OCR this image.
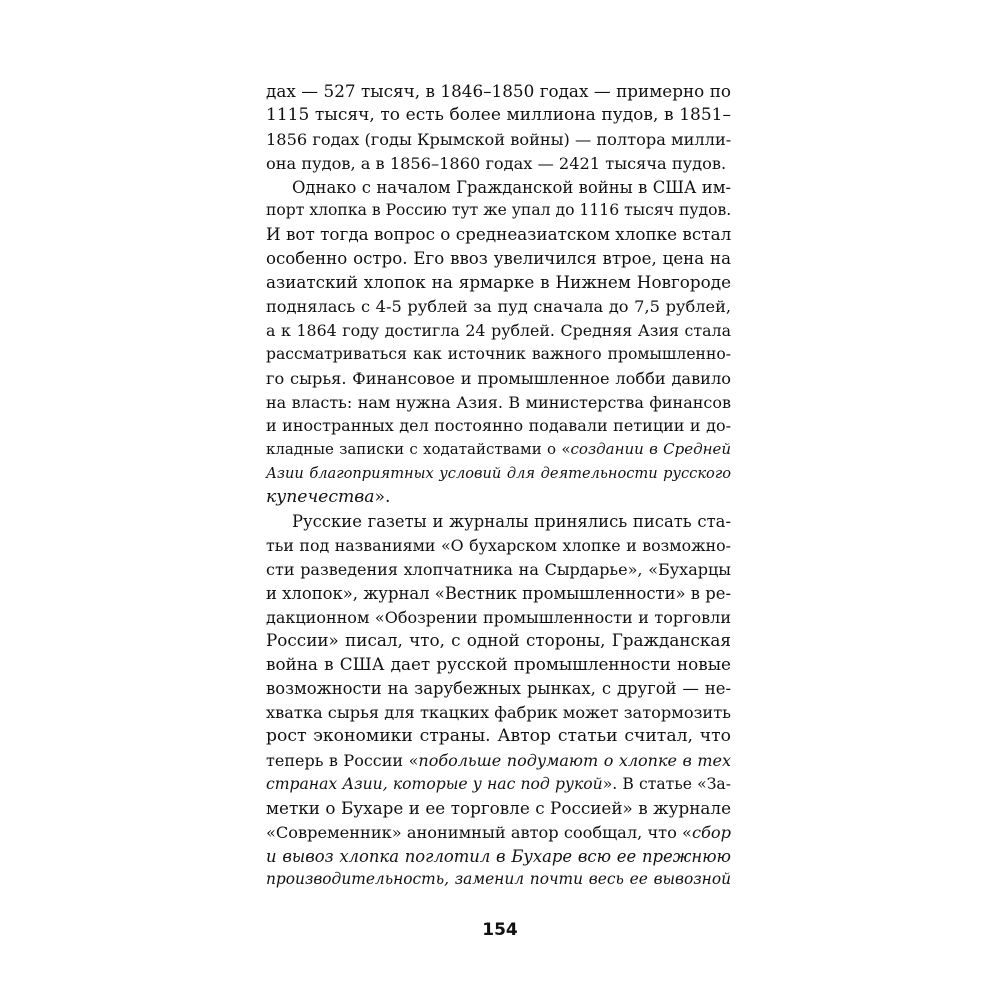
дах — 527 тысяч, в 1846–1850 годах — примерно по
1115 тысяч, то есть более миллиона пудов, в 1851–
1856 годах (годы Крымской войны) — полтора милли-
она пудов, а в 1856–1860 годах — 2421 тысяча пудов.
Однако с началом Гражданской войны в США им-
порт хлопка в Россию тут же упал до 1116 тысяч пудов.
И вот тогда вопрос о среднеазиатском хлопке встал
особенно остро. Его ввоз увеличился втрое, цена на
азиатский хлопок на ярмарке в Нижнем Новгороде
поднялась с 4-5 рублей за пуд сначала до 7,5 рублей,
а к 1864 году достигла 24 рублей. Средняя Азия стала
рассматриваться как источник важного промышленно-
го сырья. Финансовое и промышленное лобби давило
на власть: нам нужна Азия. В министерства финансов
и иностранных дел постоянно подавали петиции и до-
кладные записки с ходатайствами о «создании в Средней
Азии благоприятных условий для деятельности русского
купечества».
Русские газеты и журналы принялись писать ста-
тьи под названиями «О бухарском хлопке и возможно-
сти разведения хлопчатника на Сырдарье», «Бухарцы
и хлопок», журнал «Вестник промышленности» в ре-
дакционном «Обозрении промышленности и торговли
России» писал, что, с одной стороны, Гражданская
война в США дает русской промышленности новые
возможности на зарубежных рынках, с другой — не-
хватка сырья для ткацких фабрик может затормозить
рост экономики страны. Автор статьи считал, что
теперь в России «побольше подумают о хлопке в тех
странах Азии, которые у нас под рукой». В статье «За-
метки о Бухаре и ее торговле с Россией» в журнале
«Современник» анонимный автор сообщал, что «сбор
и вывоз хлопка поглотил в Бухаре всю ее прежнюю
производительность, заменил почти весь ее вывозной
154
